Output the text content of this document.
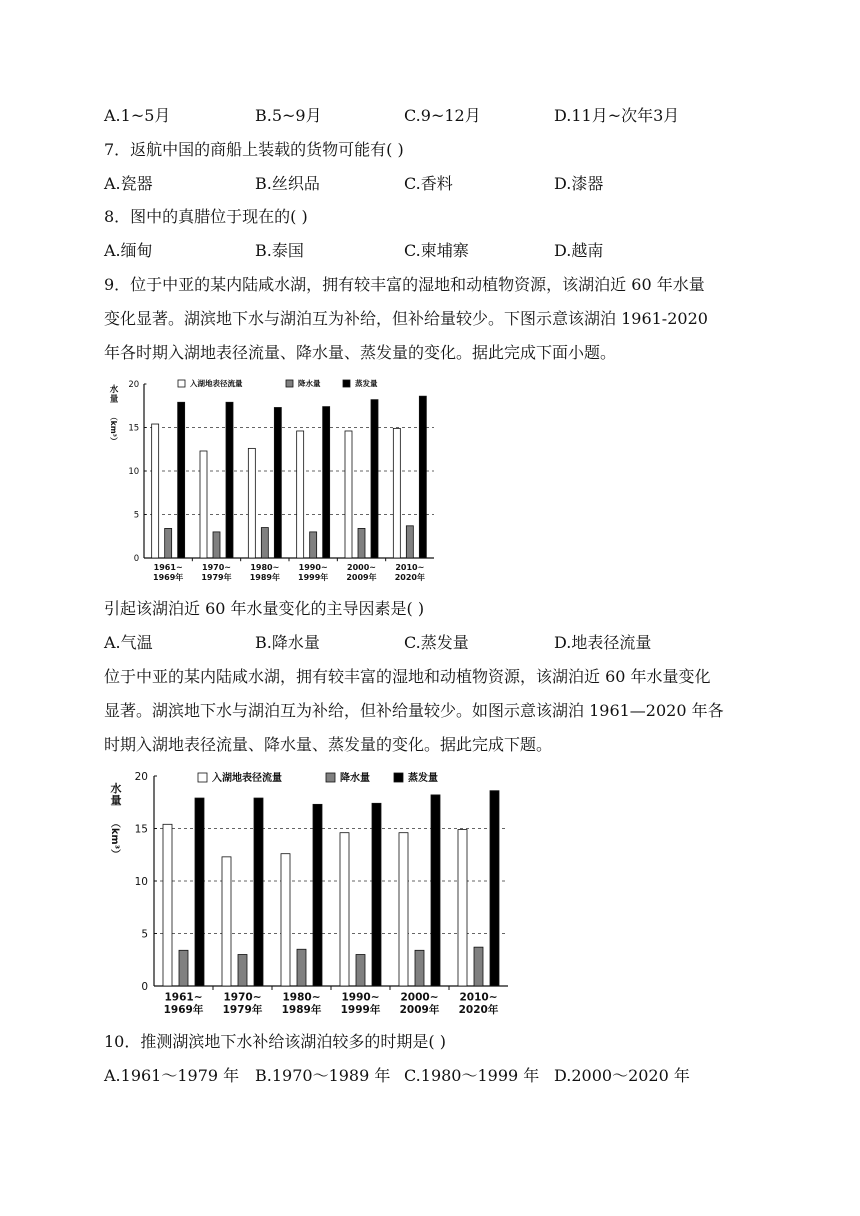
A.1~5月	B.5~9月	C.9~12月	D.11月~次年3月
7．返航中国的商船上装载的货物可能有( )
A.瓷器	B.丝织品	C.香料	D.漆器
8．图中的真腊位于现在的( )
A.缅甸	B.泰国	C.柬埔寨	D.越南
9．位于中亚的某内陆咸水湖，拥有较丰富的湿地和动植物资源，该湖泊近 60 年水量
变化显著。湖滨地下水与湖泊互为补给，但补给量较少。下图示意该湖泊 1961-2020
年各时期入湖地表径流量、降水量、蒸发量的变化。据此完成下面小题。
0
5
10
15
20
水
量
（km³）
1961~
1969年
1970~
1979年
1980~
1989年
1990~
1999年
2000~
2009年
2010~
2020年
入湖地表径流量	降水量	蒸发量
引起该湖泊近 60 年水量变化的主导因素是( )
A.气温	B.降水量	C.蒸发量	D.地表径流量
位于中亚的某内陆咸水湖，拥有较丰富的湿地和动植物资源，该湖泊近 60 年水量变化
显著。湖滨地下水与湖泊互为补给，但补给量较少。如图示意该湖泊 1961—2020 年各
时期入湖地表径流量、降水量、蒸发量的变化。据此完成下题。
0
5
10
15
20
水
量
（km³）
1961~
1969年
1970~
1979年
1980~
1989年
1990~
1999年
2000~
2009年
2010~
2020年
入湖地表径流量	降水量	蒸发量
10．推测湖滨地下水补给该湖泊较多的时期是( )
A.1961～1979 年 B.1970～1989 年 C.1980～1999 年 D.2000～2020 年
